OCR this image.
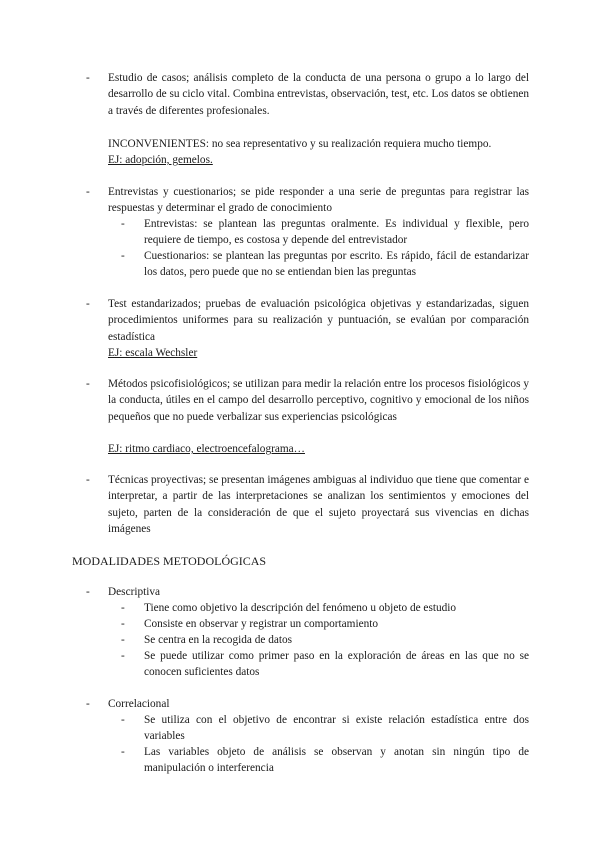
- Estudio de casos; análisis completo de la conducta de una persona o grupo a lo largo del desarrollo de su ciclo vital. Combina entrevistas, observación, test, etc. Los datos se obtienen a través de diferentes profesionales.
INCONVENIENTES: no sea representativo y su realización requiera mucho tiempo.
EJ: adopción, gemelos.
- Entrevistas y cuestionarios; se pide responder a una serie de preguntas para registrar las respuestas y determinar el grado de conocimiento
- Entrevistas: se plantean las preguntas oralmente. Es individual y flexible, pero requiere de tiempo, es costosa y depende del entrevistador
- Cuestionarios: se plantean las preguntas por escrito. Es rápido, fácil de estandarizar los datos, pero puede que no se entiendan bien las preguntas
- Test estandarizados; pruebas de evaluación psicológica objetivas y estandarizadas, siguen procedimientos uniformes para su realización y puntuación, se evalúan por comparación estadística
EJ: escala Wechsler
- Métodos psicofisiológicos; se utilizan para medir la relación entre los procesos fisiológicos y la conducta, útiles en el campo del desarrollo perceptivo, cognitivo y emocional de los niños pequeños que no puede verbalizar sus experiencias psicológicas
EJ: ritmo cardiaco, electroencefalograma…
- Técnicas proyectivas; se presentan imágenes ambiguas al individuo que tiene que comentar e interpretar, a partir de las interpretaciones se analizan los sentimientos y emociones del sujeto, parten de la consideración de que el sujeto proyectará sus vivencias en dichas imágenes
MODALIDADES METODOLÓGICAS
- Descriptiva
- Tiene como objetivo la descripción del fenómeno u objeto de estudio
- Consiste en observar y registrar un comportamiento
- Se centra en la recogida de datos
- Se puede utilizar como primer paso en la exploración de áreas en las que no se conocen suficientes datos
- Correlacional
- Se utiliza con el objetivo de encontrar si existe relación estadística entre dos variables
- Las variables objeto de análisis se observan y anotan sin ningún tipo de manipulación o interferencia
